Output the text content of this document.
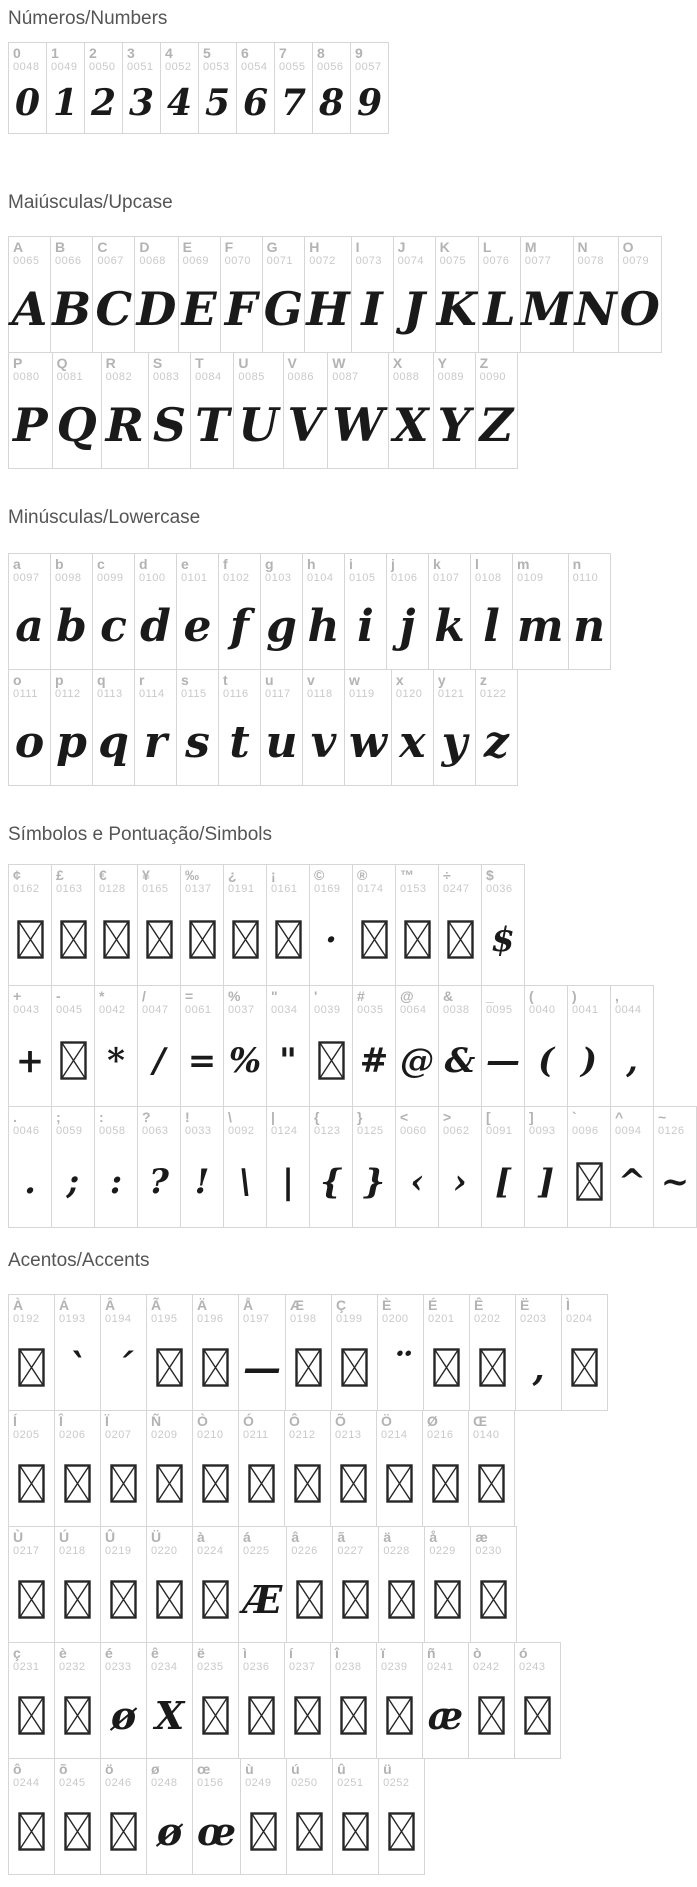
Números/Numbers
0
0048
0
1
0049
1
2
0050
2
3
0051
3
4
0052
4
5
0053
5
6
0054
6
7
0055
7
8
0056
8
9
0057
9
Maiúsculas/Upcase
A
0065
A
B
0066
B
C
0067
C
D
0068
D
E
0069
E
F
0070
F
G
0071
G
H
0072
H
I
0073
I
J
0074
J
K
0075
K
L
0076
L
M
0077
M
N
0078
N
O
0079
O
P
0080
P
Q
0081
Q
R
0082
R
S
0083
S
T
0084
T
U
0085
U
V
0086
V
W
0087
W
X
0088
X
Y
0089
Y
Z
0090
Z
Minúsculas/Lowercase
a
0097
a
b
0098
b
c
0099
c
d
0100
d
e
0101
e
f
0102
f
g
0103
g
h
0104
h
i
0105
i
j
0106
j
k
0107
k
l
0108
l
m
0109
m
n
0110
n
o
0111
o
p
0112
p
q
0113
q
r
0114
r
s
0115
s
t
0116
t
u
0117
u
v
0118
v
w
0119
w
x
0120
x
y
0121
y
z
0122
z
Símbolos e Pontuação/Simbols
¢
0162
£
0163
€
0128
¥
0165
‰
0137
¿
0191
¡
0161
©
0169
·
®
0174
™
0153
÷
0247
$
0036
$
+
0043
+
-
0045
*
0042
*
/
0047
/
=
0061
=
%
0037
%
"
0034
"
'
0039
#
0035
#
@
0064
@
&
0038
&
_
0095
—
(
0040
(
)
0041
)
,
0044
,
.
0046
.
;
0059
;
:
0058
:
?
0063
?
!
0033
!
\
0092
\
|
0124
|
{
0123
{
}
0125
}
<
0060
‹
>
0062
›
[
0091
[
]
0093
]
`
0096
^
0094
^
~
0126
~
Acentos/Accents
À
0192
Á
0193
`
Â
0194
´
Ã
0195
Ä
0196
Å
0197
—
Æ
0198
Ç
0199
È
0200
¨
É
0201
Ê
0202
Ë
0203
‚
Ì
0204
Í
0205
Î
0206
Ï
0207
Ñ
0209
Ò
0210
Ó
0211
Ô
0212
Õ
0213
Ö
0214
Ø
0216
Œ
0140
Ù
0217
Ú
0218
Û
0219
Ü
0220
à
0224
á
0225
Æ
â
0226
ã
0227
ä
0228
å
0229
æ
0230
ç
0231
è
0232
é
0233
ø
ê
0234
X
ë
0235
ì
0236
í
0237
î
0238
ï
0239
ñ
0241
æ
ò
0242
ó
0243
ô
0244
õ
0245
ö
0246
ø
0248
ø
œ
0156
œ
ù
0249
ú
0250
û
0251
ü
0252
